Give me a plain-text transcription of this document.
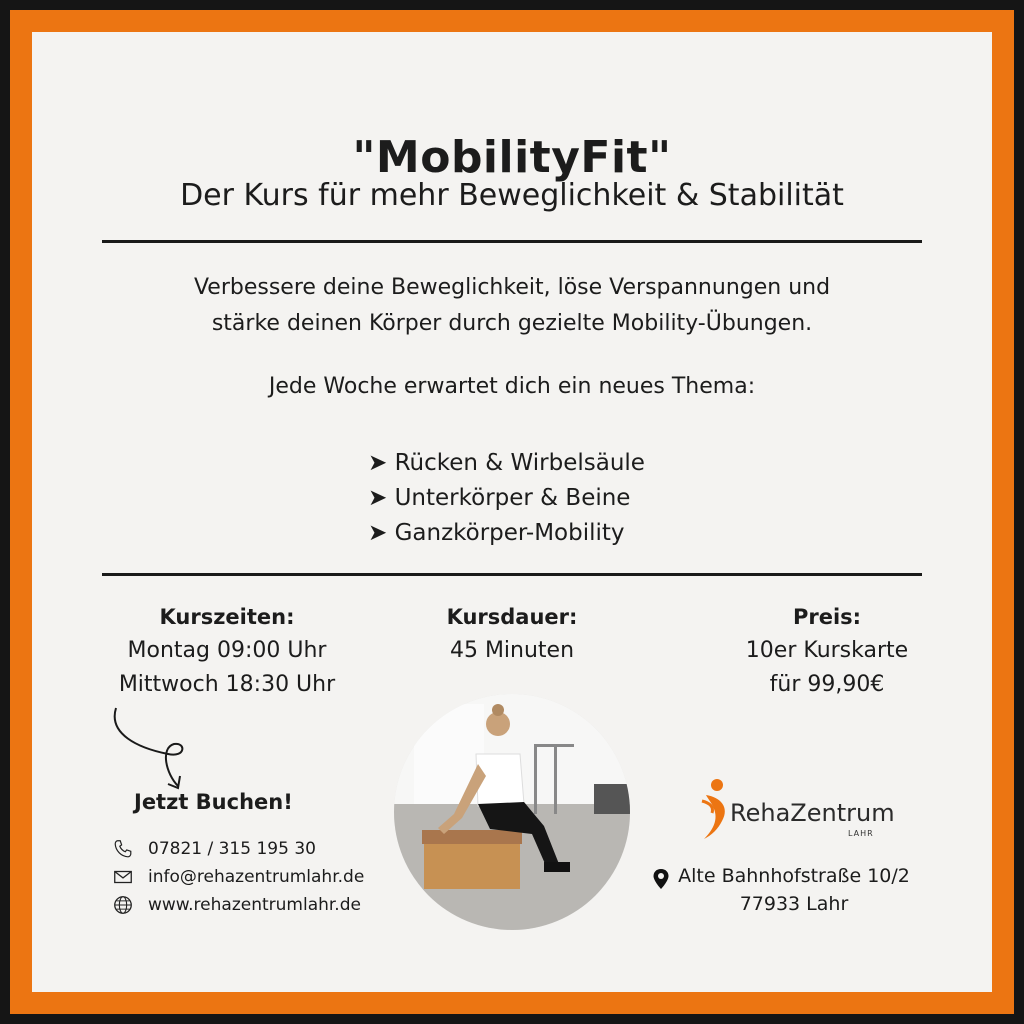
"MobilityFit"
Der Kurs für mehr Beweglichkeit & Stabilität
Verbessere deine Beweglichkeit, löse Verspannungen und
stärke deinen Körper durch gezielte Mobility-Übungen.
Jede Woche erwartet dich ein neues Thema:
➤ Rücken & Wirbelsäule
➤ Unterkörper & Beine
➤ Ganzkörper-Mobility
Kurszeiten:
Montag 09:00 Uhr
Mittwoch 18:30 Uhr
Kursdauer:
45 Minuten
Preis:
10er Kurskarte
für 99,90€
Jetzt Buchen!
07821 / 315 195 30
info@rehazentrumlahr.de
www.rehazentrumlahr.de
RehaZentrum
LAHR
Alte Bahnhofstraße 10/2
77933 Lahr
